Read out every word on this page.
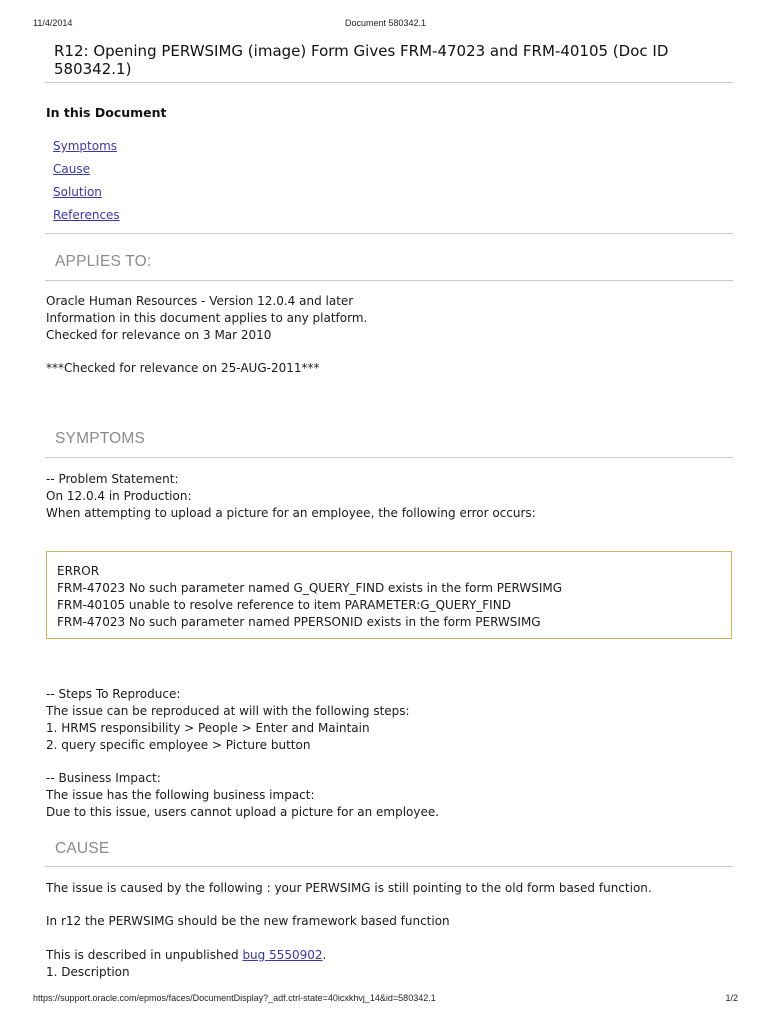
11/4/2014	Document 580342.1
R12: Opening PERWSIMG (image) Form Gives FRM-47023 and FRM-40105 (Doc ID 580342.1)
In this Document
Symptoms
Cause
Solution
References
APPLIES TO:
Oracle Human Resources - Version 12.0.4 and later
Information in this document applies to any platform.
Checked for relevance on 3 Mar 2010
***Checked for relevance on 25-AUG-2011***
SYMPTOMS
-- Problem Statement:
On 12.0.4 in Production:
When attempting to upload a picture for an employee, the following error occurs:
ERROR
FRM-47023 No such parameter named G_QUERY_FIND exists in the form PERWSIMG
FRM-40105 unable to resolve reference to item PARAMETER:G_QUERY_FIND
FRM-47023 No such parameter named PPERSONID exists in the form PERWSIMG
-- Steps To Reproduce:
The issue can be reproduced at will with the following steps:
1. HRMS responsibility > People > Enter and Maintain
2. query specific employee > Picture button
-- Business Impact:
The issue has the following business impact:
Due to this issue, users cannot upload a picture for an employee.
CAUSE
The issue is caused by the following : your PERWSIMG is still pointing to the old form based function.
In r12 the PERWSIMG should be the new framework based function
This is described in unpublished bug 5550902.
1. Description
https://support.oracle.com/epmos/faces/DocumentDisplay?_adf.ctrl-state=40icxkhvj_14&id=580342.1	1/2
